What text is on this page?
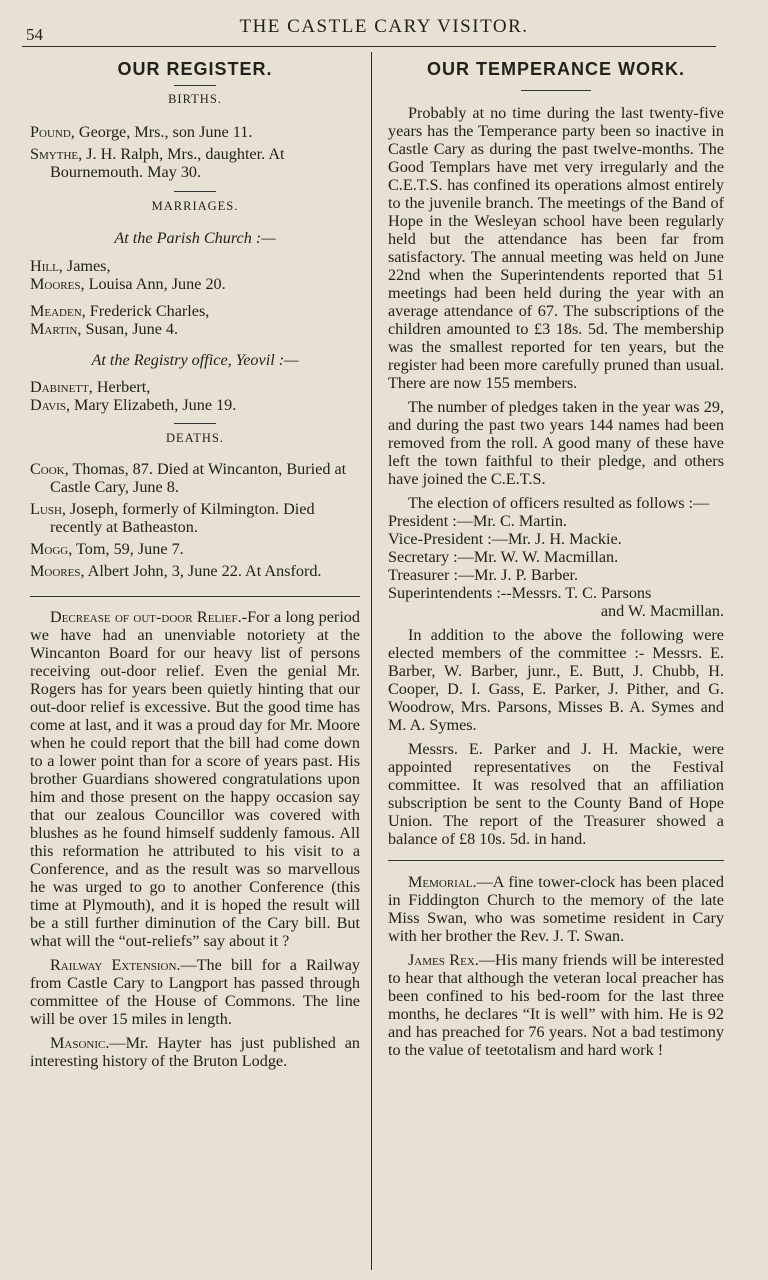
54	THE CASTLE CARY VISITOR.
OUR REGISTER.
BIRTHS.

Pound, George, Mrs., son June 11.

Smythe, J. H. Ralph, Mrs., daughter. At Bournemouth. May 30.

MARRIAGES.

At the Parish Church :—

Hill, James,
Moores, Louisa Ann, June 20.

Meaden, Frederick Charles,
Martin, Susan, June 4.

At the Registry office, Yeovil :—

Dabinett, Herbert,
Davis, Mary Elizabeth, June 19.

DEATHS.

Cook, Thomas, 87. Died at Wincanton, Buried at Castle Cary, June 8.

Lush, Joseph, formerly of Kilmington. Died recently at Batheaston.

Mogg, Tom, 59, June 7.

Moores, Albert John, 3, June 22. At Ansford.

Decrease of out-door Relief.-For a long period we have had an unenviable notoriety at the Wincanton Board for our heavy list of persons receiving out-door relief. Even the genial Mr. Rogers has for years been quietly hinting that our out-door relief is excessive. But the good time has come at last, and it was a proud day for Mr. Moore when he could report that the bill had come down to a lower point than for a score of years past. His brother Guardians showered congratulations upon him and those present on the happy occasion say that our zealous Councillor was covered with blushes as he found himself suddenly famous. All this reformation he attributed to his visit to a Conference, and as the result was so marvellous he was urged to go to another Conference (this time at Plymouth), and it is hoped the result will be a still further diminution of the Cary bill. But what will the “out-reliefs” say about it ?

Railway Extension.—The bill for a Railway from Castle Cary to Langport has passed through committee of the House of Commons. The line will be over 15 miles in length.

Masonic.—Mr. Hayter has just published an interesting history of the Bruton Lodge.

OUR TEMPERANCE WORK.

Probably at no time during the last twenty-five years has the Temperance party been so inactive in Castle Cary as during the past twelve-months. The Good Templars have met very irregularly and the C.E.T.S. has confined its operations almost entirely to the juvenile branch. The meetings of the Band of Hope in the Wesleyan school have been regularly held but the attendance has been far from satisfactory. The annual meeting was held on June 22nd when the Superintendents reported that 51 meetings had been held during the year with an average attendance of 67. The subscriptions of the children amounted to £3 18s. 5d. The membership was the smallest reported for ten years, but the register had been more carefully pruned than usual. There are now 155 members.

The number of pledges taken in the year was 29, and during the past two years 144 names had been removed from the roll. A good many of these have left the town faithful to their pledge, and others have joined the C.E.T.S.

The election of officers resulted as follows :—

President :—Mr. C. Martin.

Vice-President :—Mr. J. H. Mackie.

Secretary :—Mr. W. W. Macmillan.

Treasurer :—Mr. J. P. Barber.

Superintendents :--Messrs. T. C. Parsons

and W. Macmillan.

In addition to the above the following were elected members of the committee :- Messrs. E. Barber, W. Barber, junr., E. Butt, J. Chubb, H. Cooper, D. I. Gass, E. Parker, J. Pither, and G. Woodrow, Mrs. Parsons, Misses B. A. Symes and M. A. Symes.

Messrs. E. Parker and J. H. Mackie, were appointed representatives on the Festival committee. It was resolved that an affiliation subscription be sent to the County Band of Hope Union. The report of the Treasurer showed a balance of £8 10s. 5d. in hand.

Memorial.—A fine tower-clock has been placed in Fiddington Church to the memory of the late Miss Swan, who was sometime resident in Cary with her brother the Rev. J. T. Swan.

James Rex.—His many friends will be interested to hear that although the veteran local preacher has been confined to his bed-room for the last three months, he declares “It is well” with him. He is 92 and has preached for 76 years. Not a bad testimony to the value of teetotalism and hard work !
